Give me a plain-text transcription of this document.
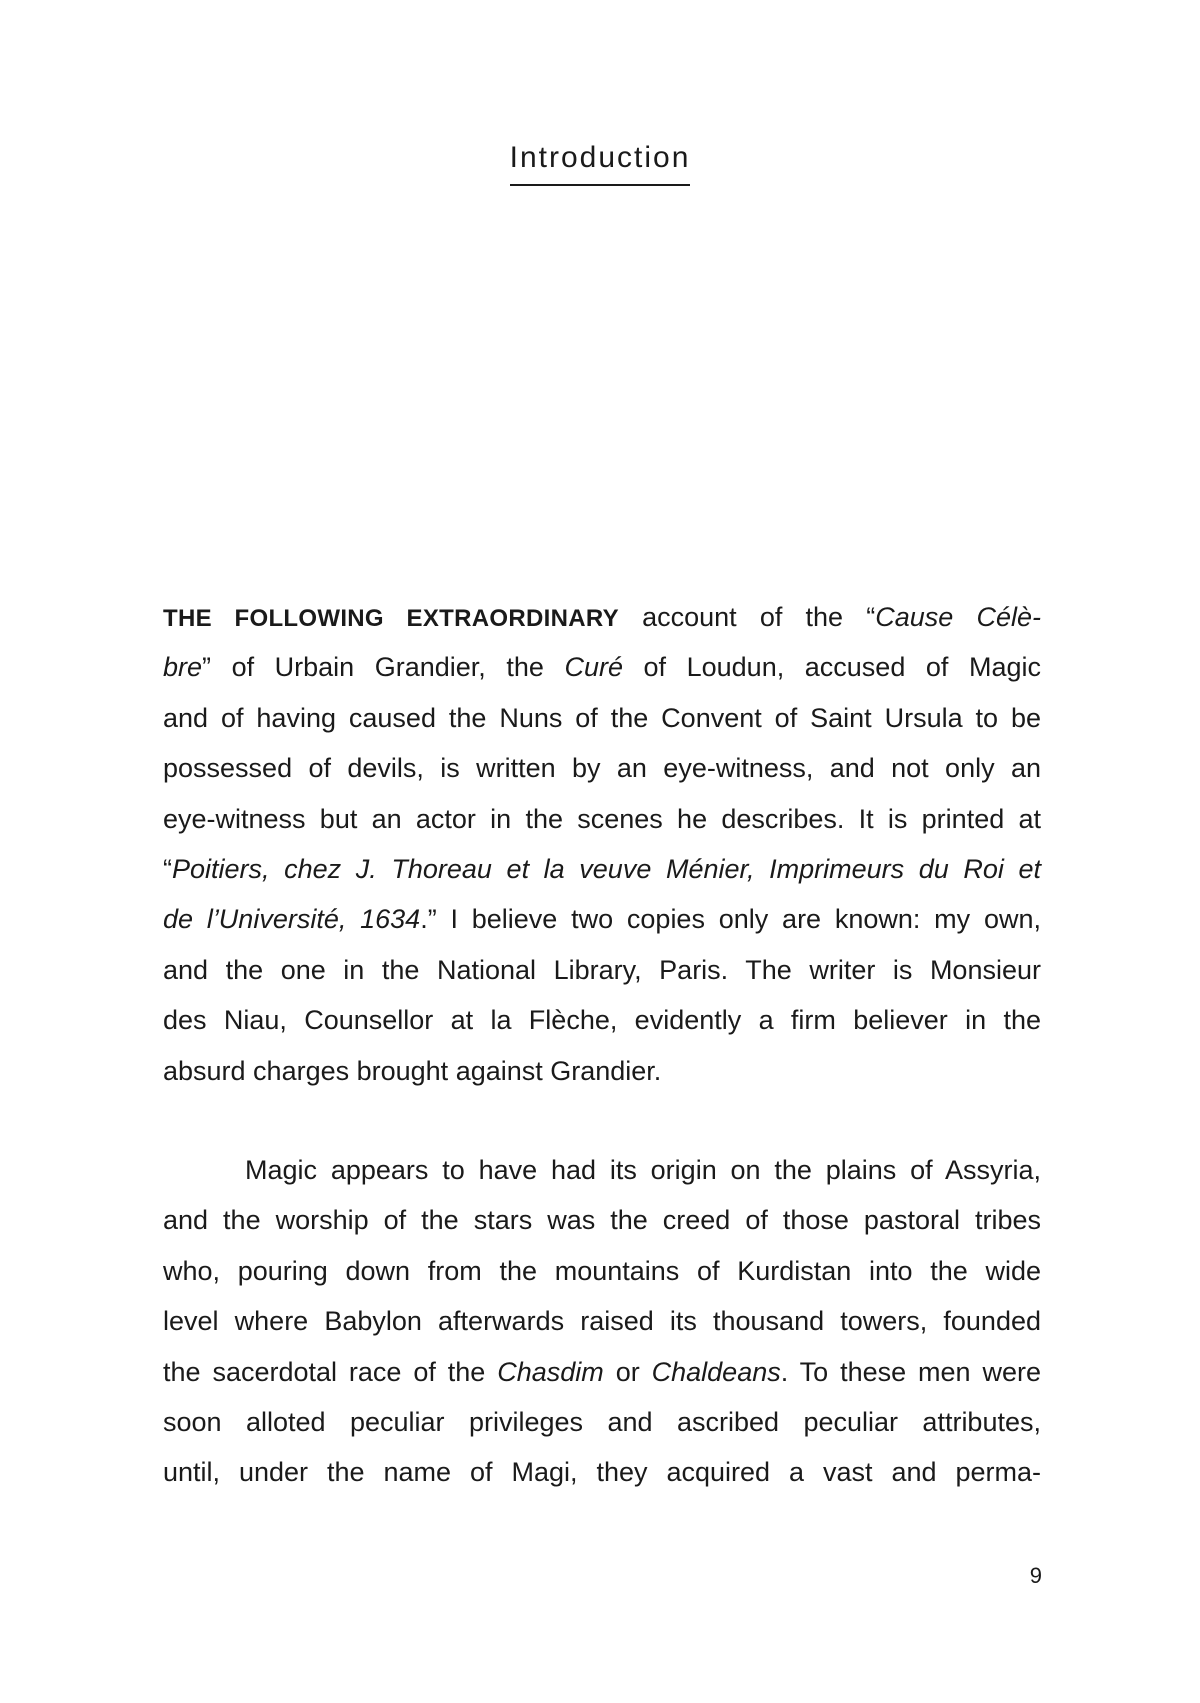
Introduction
THE FOLLOWING EXTRAORDINARY account of the “Cause Célè-
bre” of Urbain Grandier, the Curé of Loudun, accused of Magic
and of having caused the Nuns of the Convent of Saint Ursula to be
possessed of devils, is written by an eye-witness, and not only an
eye-witness but an actor in the scenes he describes. It is printed at
“Poitiers, chez J. Thoreau et la veuve Ménier, Imprimeurs du Roi et
de l’Université, 1634.” I believe two copies only are known: my own,
and the one in the National Library, Paris. The writer is Monsieur
des Niau, Counsellor at la Flèche, evidently a firm believer in the
absurd charges brought against Grandier.
Magic appears to have had its origin on the plains of Assyria,
and the worship of the stars was the creed of those pastoral tribes
who, pouring down from the mountains of Kurdistan into the wide
level where Babylon afterwards raised its thousand towers, founded
the sacerdotal race of the Chasdim or Chaldeans. To these men were
soon alloted peculiar privileges and ascribed peculiar attributes,
until, under the name of Magi, they acquired a vast and perma-
9
